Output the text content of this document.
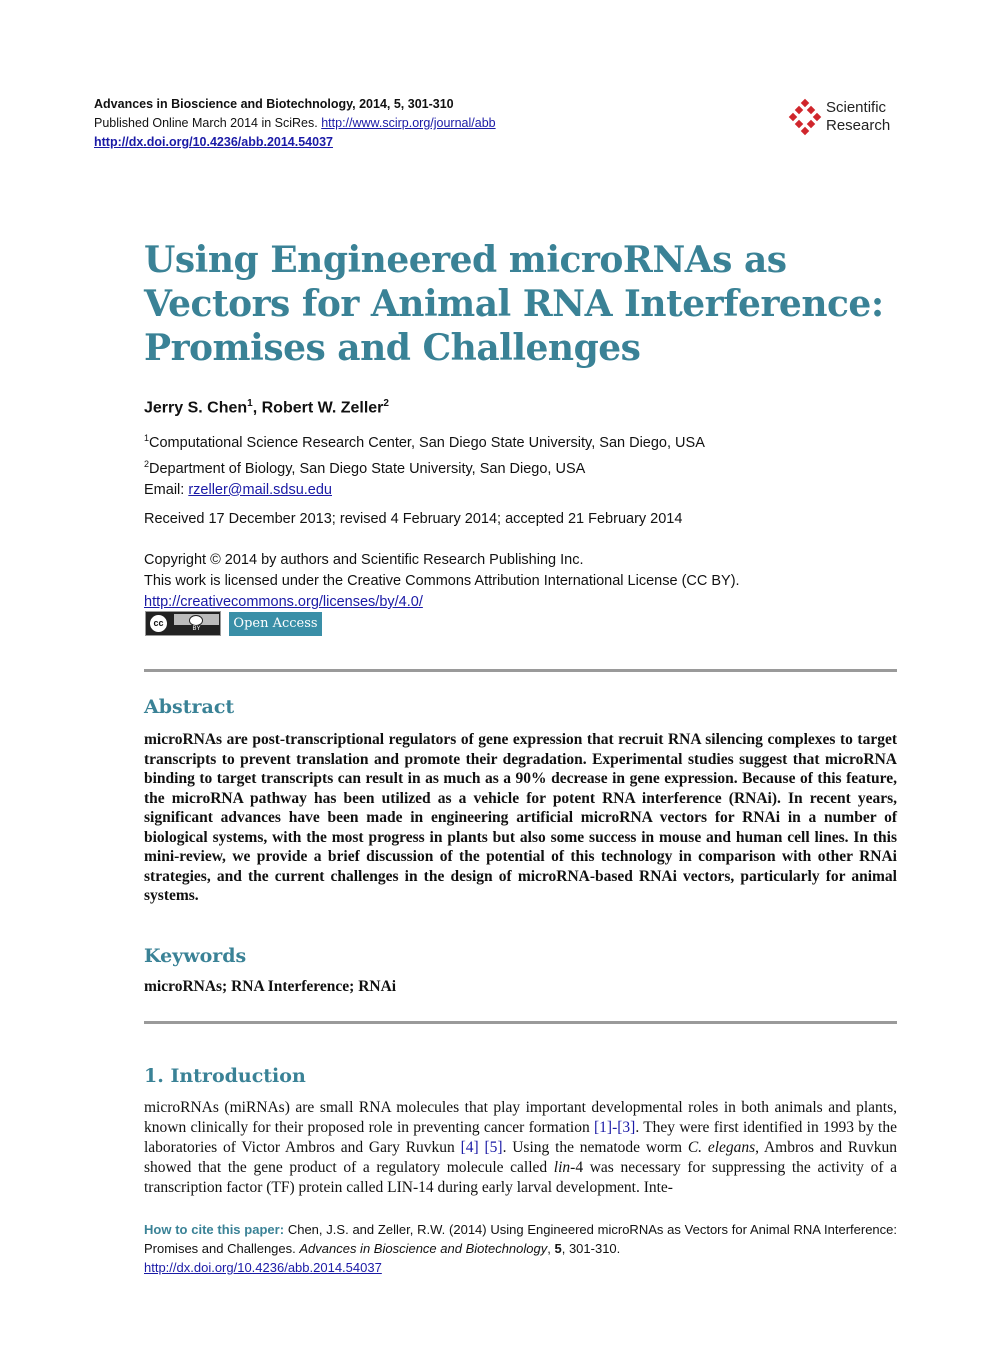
Advances in Bioscience and Biotechnology, 2014, 5, 301-310
Published Online March 2014 in SciRes. http://www.scirp.org/journal/abb
http://dx.doi.org/10.4236/abb.2014.54037
Scientific
Research
Using Engineered microRNAs as Vectors for Animal RNA Interference: Promises and Challenges
Jerry S. Chen$^1$, Robert W. Zeller$^2$
$^1$Computational Science Research Center, San Diego State University, San Diego, USA
$^2$Department of Biology, San Diego State University, San Diego, USA
Email: rzeller@mail.sdsu.edu
Received 17 December 2013; revised 4 February 2014; accepted 21 February 2014
Copyright © 2014 by authors and Scientific Research Publishing Inc.
This work is licensed under the Creative Commons Attribution International License (CC BY).
http://creativecommons.org/licenses/by/4.0/
cc
BY	Open Access
Abstract
microRNAs are post-transcriptional regulators of gene expression that recruit RNA silencing complexes to target transcripts to prevent translation and promote their degradation. Experimental studies suggest that microRNA binding to target transcripts can result in as much as a 90% decrease in gene expression. Because of this feature, the microRNA pathway has been utilized as a vehicle for potent RNA interference (RNAi). In recent years, significant advances have been made in engineering artificial microRNA vectors for RNAi in a number of biological systems, with the most progress in plants but also some success in mouse and human cell lines. In this mini-review, we provide a brief discussion of the potential of this technology in comparison with other RNAi strategies, and the current challenges in the design of microRNA-based RNAi vectors, particularly for animal systems.
Keywords
microRNAs; RNA Interference; RNAi
1. Introduction
microRNAs (miRNAs) are small RNA molecules that play important developmental roles in both animals and plants, known clinically for their proposed role in preventing cancer formation [1]-[3]. They were first identified in 1993 by the laboratories of Victor Ambros and Gary Ruvkun [4] [5]. Using the nematode worm C. elegans, Ambros and Ruvkun showed that the gene product of a regulatory molecule called lin-4 was necessary for suppressing the activity of a transcription factor (TF) protein called LIN-14 during early larval development. Inte-
How to cite this paper: Chen, J.S. and Zeller, R.W. (2014) Using Engineered microRNAs as Vectors for Animal RNA Interference: Promises and Challenges. Advances in Bioscience and Biotechnology, 5, 301-310.
http://dx.doi.org/10.4236/abb.2014.54037
